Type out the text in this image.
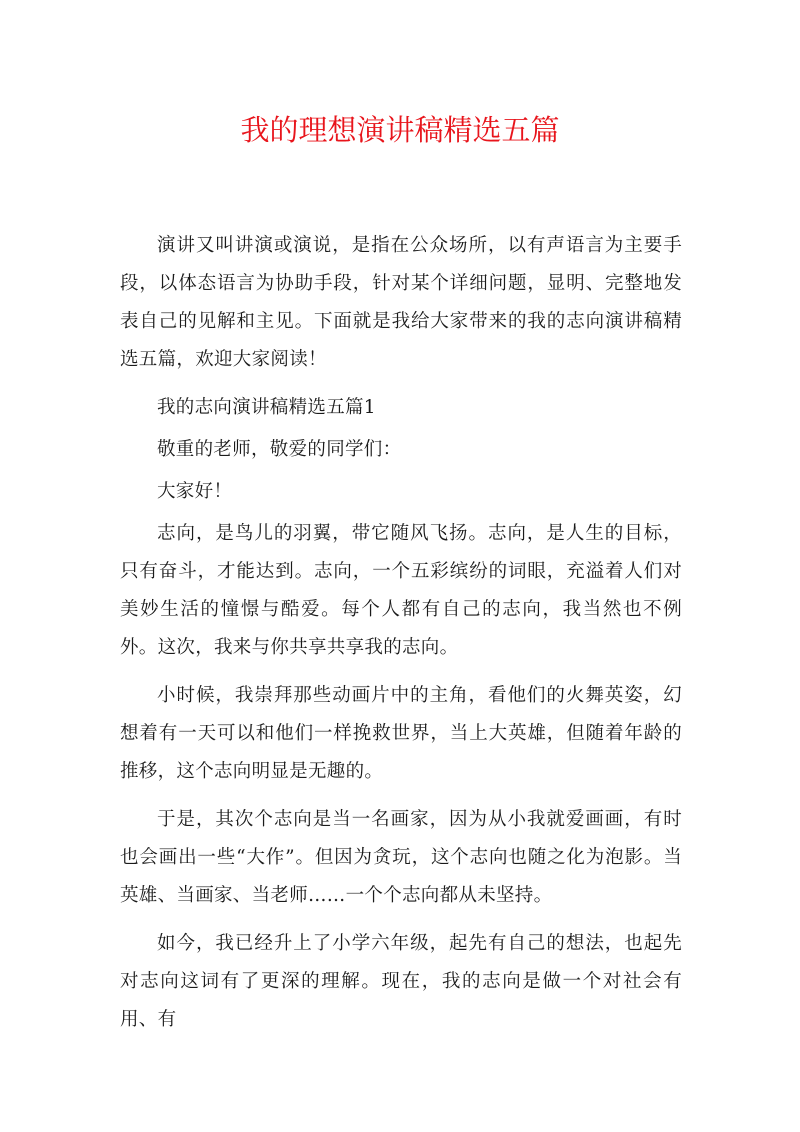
我的理想演讲稿精选五篇

演讲又叫讲演或演说，是指在公众场所，以有声语言为主要手段，以体态语言为协助手段，针对某个详细问题，显明、完整地发表自己的见解和主见。下面就是我给大家带来的我的志向演讲稿精选五篇，欢迎大家阅读！

我的志向演讲稿精选五篇1

敬重的老师，敬爱的同学们：

大家好！

志向，是鸟儿的羽翼，带它随风飞扬。志向，是人生的目标，只有奋斗，才能达到。志向，一个五彩缤纷的词眼，充溢着人们对美妙生活的憧憬与酷爱。每个人都有自己的志向，我当然也不例外。这次，我来与你共享共享我的志向。

小时候，我崇拜那些动画片中的主角，看他们的火舞英姿，幻想着有一天可以和他们一样挽救世界，当上大英雄，但随着年龄的推移，这个志向明显是无趣的。

于是，其次个志向是当一名画家，因为从小我就爱画画，有时也会画出一些“大作”。但因为贪玩，这个志向也随之化为泡影。当英雄、当画家、当老师……一个个志向都从未坚持。

如今，我已经升上了小学六年级，起先有自己的想法，也起先对志向这词有了更深的理解。现在，我的志向是做一个对社会有用、有
